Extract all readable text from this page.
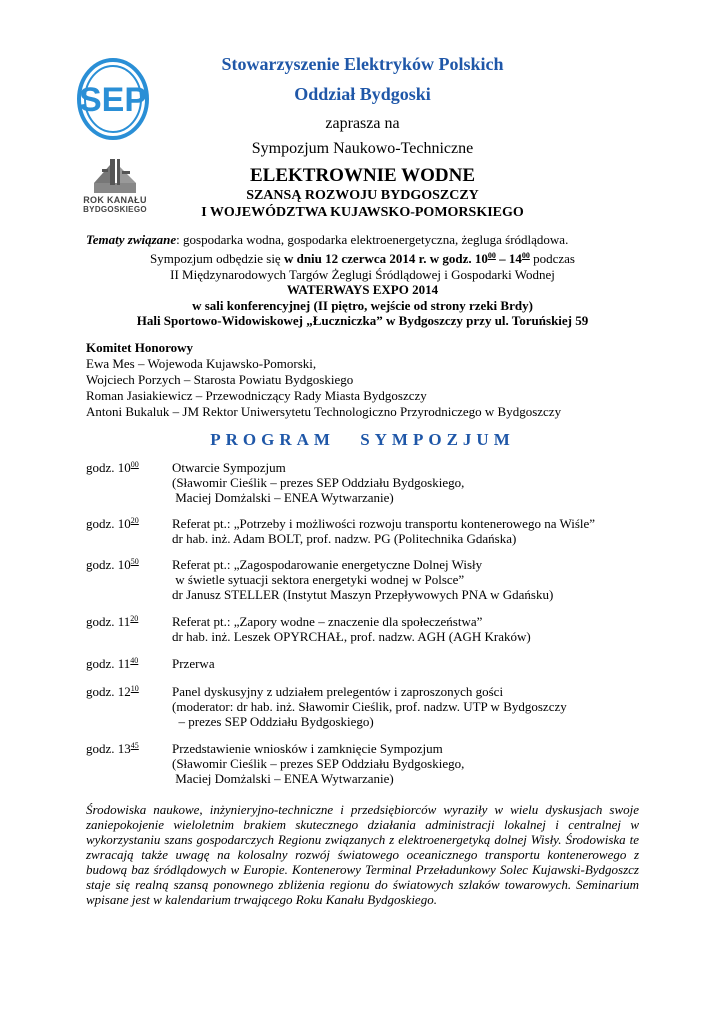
SEP
ROK KANAŁU
BYDGOSKIEGO
Stowarzyszenie Elektryków Polskich
Oddział Bydgoski
zaprasza na
Sympozjum Naukowo-Techniczne
ELEKTROWNIE WODNE
SZANSĄ ROZWOJU BYDGOSZCZY
I WOJEWÓDZTWA KUJAWSKO-POMORSKIEGO
Tematy związane: gospodarka wodna, gospodarka elektroenergetyczna, żegluga śródlądowa.
Sympozjum odbędzie się w dniu 12 czerwca 2014 r. w godz. $10^{00} - 14^{00}$ podczas
II Międzynarodowych Targów Żeglugi Śródlądowej i Gospodarki Wodnej
WATERWAYS EXPO 2014
w sali konferencyjnej (II piętro, wejście od strony rzeki Brdy)
Hali Sportowo-Widowiskowej „Łuczniczka” w Bydgoszczy przy ul. Toruńskiej 59
Komitet Honorowy
Ewa Mes – Wojewoda Kujawsko-Pomorski,
Wojciech Porzych – Starosta Powiatu Bydgoskiego
Roman Jasiakiewicz – Przewodniczący Rady Miasta Bydgoszczy
Antoni Bukaluk – JM Rektor Uniwersytetu Technologiczno Przyrodniczego w Bydgoszczy
PROGRAM SYMPOZJUM
godz. $10^{00}$	Otwarcie Sympozjum
(Sławomir Cieślik – prezes SEP Oddziału Bydgoskiego,
Maciej Domżalski – ENEA Wytwarzanie)
godz. $10^{20}$	Referat pt.: „Potrzeby i możliwości rozwoju transportu kontenerowego na Wiśle”
dr hab. inż. Adam BOLT, prof. nadzw. PG (Politechnika Gdańska)
godz. $10^{50}$	Referat pt.: „Zagospodarowanie energetyczne Dolnej Wisły
w świetle sytuacji sektora energetyki wodnej w Polsce”
dr Janusz STELLER (Instytut Maszyn Przepływowych PNA w Gdańsku)
godz. $11^{20}$	Referat pt.: „Zapory wodne – znaczenie dla społeczeństwa”
dr hab. inż. Leszek OPYRCHAŁ, prof. nadzw. AGH (AGH Kraków)
godz. $11^{40}$	Przerwa
godz. $12^{10}$	Panel dyskusyjny z udziałem prelegentów i zaproszonych gości
(moderator: dr hab. inż. Sławomir Cieślik, prof. nadzw. UTP w Bydgoszczy
– prezes SEP Oddziału Bydgoskiego)
godz. $13^{45}$	Przedstawienie wniosków i zamknięcie Sympozjum
(Sławomir Cieślik – prezes SEP Oddziału Bydgoskiego,
Maciej Domżalski – ENEA Wytwarzanie)
Środowiska naukowe, inżynieryjno-techniczne i przedsiębiorców wyraziły w wielu dyskusjach swoje zaniepokojenie wieloletnim brakiem skutecznego działania administracji lokalnej i centralnej w wykorzystaniu szans gospodarczych Regionu związanych z elektroenergetyką dolnej Wisły. Środowiska te zwracają także uwagę na kolosalny rozwój światowego oceanicznego transportu kontenerowego z budową baz śródlądowych w Europie. Kontenerowy Terminal Przeładunkowy Solec Kujawski-Bydgoszcz staje się realną szansą ponownego zbliżenia regionu do światowych szlaków towarowych. Seminarium wpisane jest w kalendarium trwającego Roku Kanału Bydgoskiego.
